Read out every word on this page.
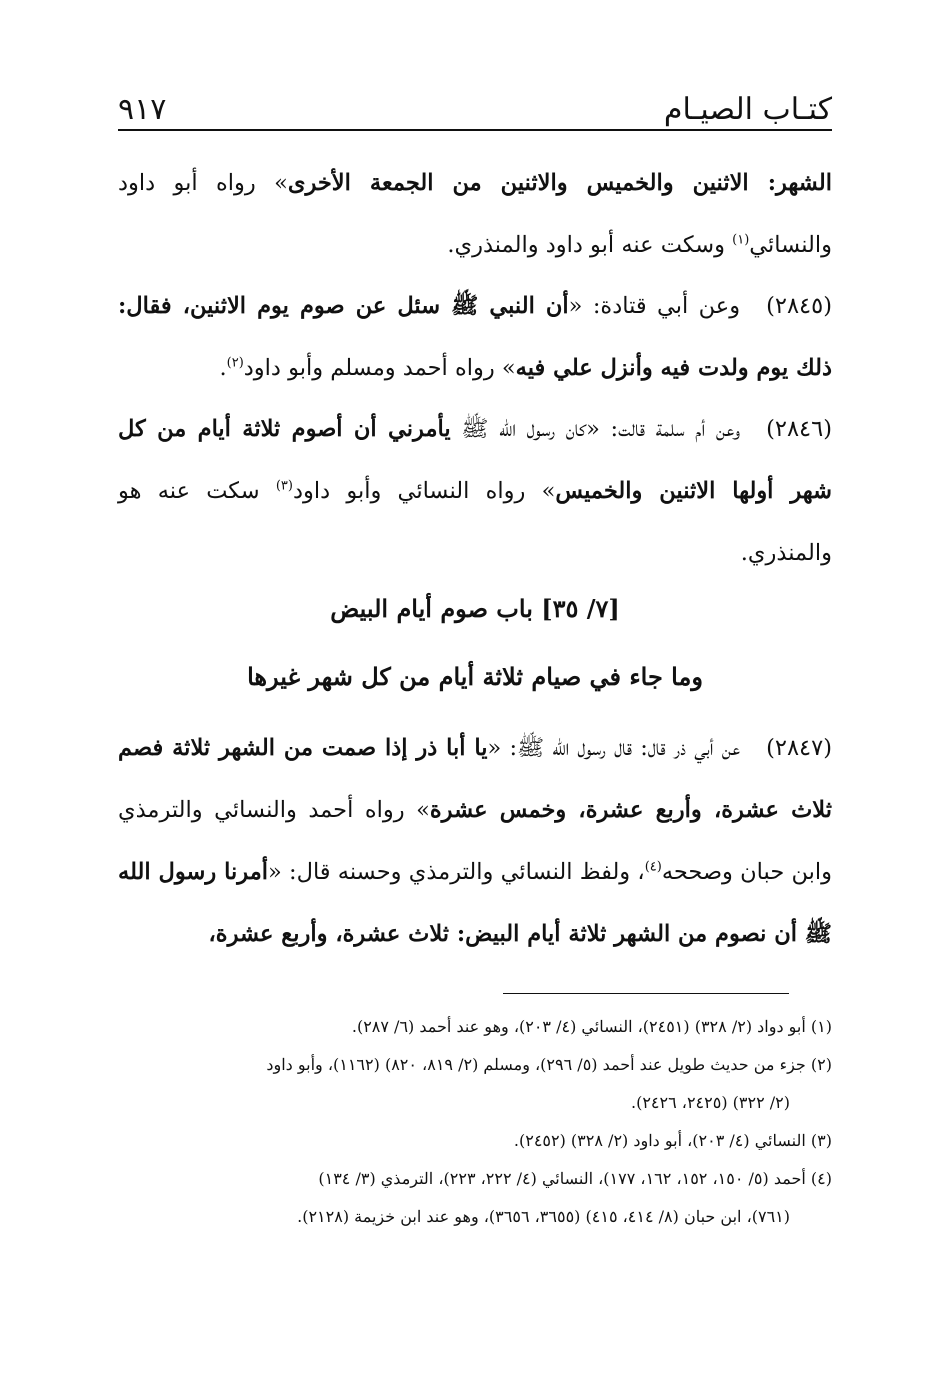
كتـاب الصيـام
٩١٧
الشهر: الاثنين والخميس والاثنين من الجمعة الأخرى» رواه أبو داود والنسائي$^{(١)}$ وسكت عنه أبو داود والمنذري.
(٢٨٤٥)وعن أبي قتادة: «أن النبي ﷺ سئل عن صوم يوم الاثنين، فقال: ذلك يوم ولدت فيه وأنزل علي فيه» رواه أحمد ومسلم وأبو داود$^{(٢)}$.
(٢٨٤٦)وعن أم سلمة قالت: «كان رسول الله ﷺ يأمرني أن أصوم ثلاثة أيام من كل شهر أولها الاثنين والخميس» رواه النسائي وأبو داود$^{(٣)}$ سكت عنه هو والمنذري.
[٧/ ٣٥] باب صوم أيام البيض
وما جاء في صيام ثلاثة أيام من كل شهر غيرها
(٢٨٤٧)عن أبي ذر قال: قال رسول الله ﷺ: «يا أبا ذر إذا صمت من الشهر ثلاثة فصم ثلاث عشرة، وأربع عشرة، وخمس عشرة» رواه أحمد والنسائي والترمذي وابن حبان وصححه$^{(٤)}$، ولفظ النسائي والترمذي وحسنه قال: «أمرنا رسول الله ﷺ أن نصوم من الشهر ثلاثة أيام البيض: ثلاث عشرة، وأربع عشرة،
(١) أبو دواد (٢/ ٣٢٨) (٢٤٥١)، النسائي (٤/ ٢٠٣)، وهو عند أحمد (٦/ ٢٨٧).
(٢) جزء من حديث طويل عند أحمد (٥/ ٢٩٦)، ومسلم (٢/ ٨١٩، ٨٢٠) (١١٦٢)، وأبو داود
(٢/ ٣٢٢) (٢٤٢٥، ٢٤٢٦).
(٣) النسائي (٤/ ٢٠٣)، أبو داود (٢/ ٣٢٨) (٢٤٥٢).
(٤) أحمد (٥/ ١٥٠، ١٥٢، ١٦٢، ١٧٧)، النسائي (٤/ ٢٢٢، ٢٢٣)، الترمذي (٣/ ١٣٤)
(٧٦١)، ابن حبان (٨/ ٤١٤، ٤١٥) (٣٦٥٥، ٣٦٥٦)، وهو عند ابن خزيمة (٢١٢٨).
